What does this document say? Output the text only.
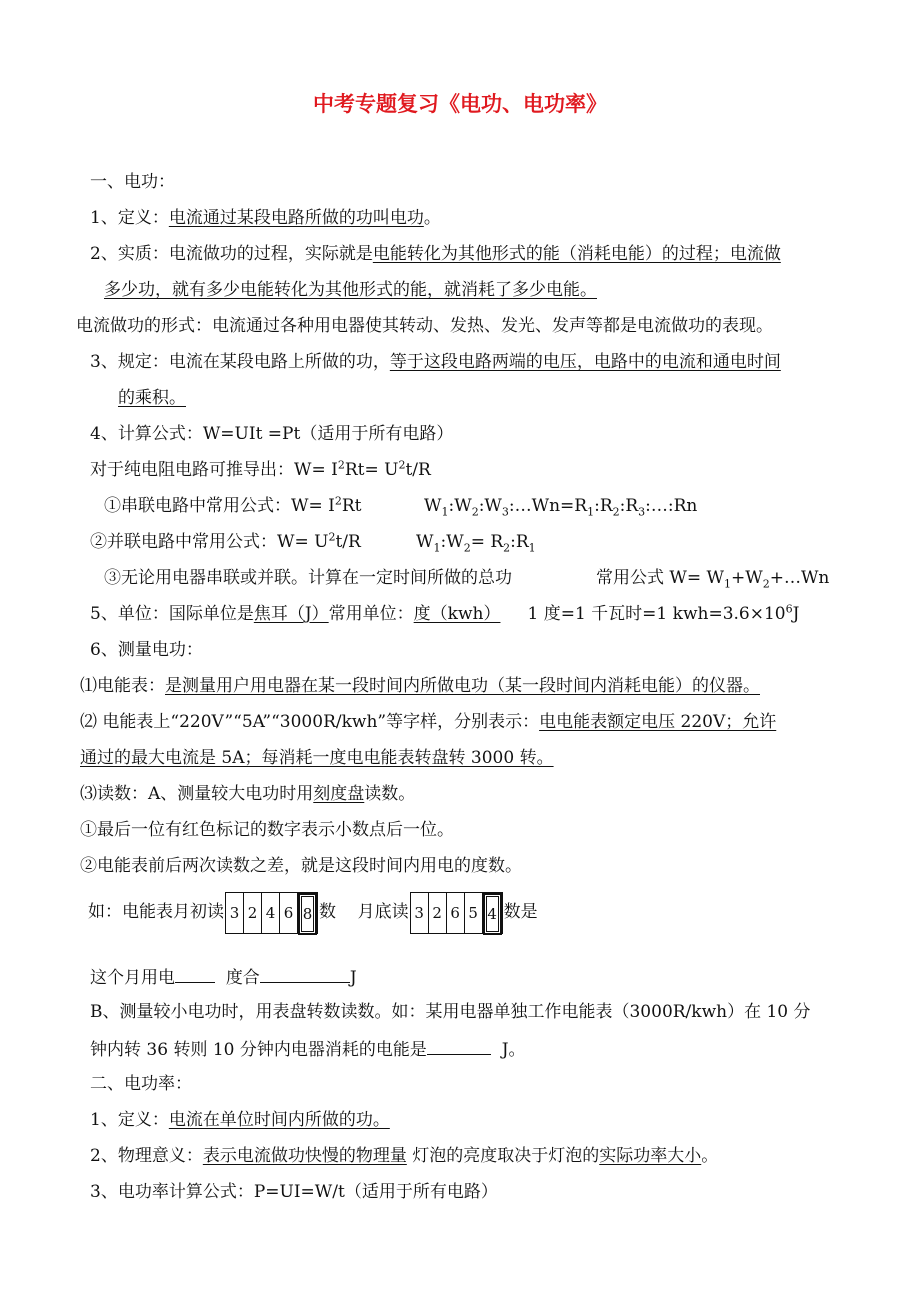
中考专题复习《电功、电功率》
一、电功：
1、定义：电流通过某段电路所做的功叫电功。
2、实质：电流做功的过程，实际就是电能转化为其他形式的能（消耗电能）的过程；电流做
多少功，就有多少电能转化为其他形式的能，就消耗了多少电能。
电流做功的形式：电流通过各种用电器使其转动、发热、发光、发声等都是电流做功的表现。
3、规定：电流在某段电路上所做的功，等于这段电路两端的电压，电路中的电流和通电时间
的乘积。
4、计算公式：W=UIt =Pt（适用于所有电路）
对于纯电阻电路可推导出：$W= I^2Rt= U^2t/R$
①串联电路中常用公式：$W= I^2Rt$	$W_1:W_2:W_3:\dots Wn=R_1:R_2:R_3:\dots:Rn$
②并联电路中常用公式：$W= U^2t/R$	$W_1:W_2=$ $R_2:R_1$
③无论用电器串联或并联。计算在一定时间所做的总功	常用公式 $W= W_1+W_2+\dots Wn$
5、单位：国际单位是焦耳（J）常用单位：度（kwh） 1 度=1 千瓦时=1 $kwh=3.6\times 10^6J$
6、测量电功：
⑴电能表：是测量用户用电器在某一段时间内所做电功（某一段时间内消耗电能）的仪器。
⑵ 电能表上“220V”“5A”“3000R/kwh”等字样，分别表示：电电能表额定电压 220V；允许
通过的最大电流是 5A；每消耗一度电电能表转盘转 3000 转。
⑶读数：A、测量较大电功时用刻度盘读数。
①最后一位有红色标记的数字表示小数点后一位。
②电能表前后两次读数之差，就是这段时间内用电的度数。
如：电能表月初读 3 2 4 6 8 数 月底读 3 2 6 5 4 数是
这个月用电	度合	J
B、测量较小电功时，用表盘转数读数。如：某用电器单独工作电能表（3000R/kwh）在 10 分
钟内转 36 转则 10 分钟内电器消耗的电能是	J。
二、电功率：
1、定义：电流在单位时间内所做的功。
2、物理意义：表示电流做功快慢的物理量 灯泡的亮度取决于灯泡的实际功率大小。
3、电功率计算公式：P=UI=W/t（适用于所有电路）
